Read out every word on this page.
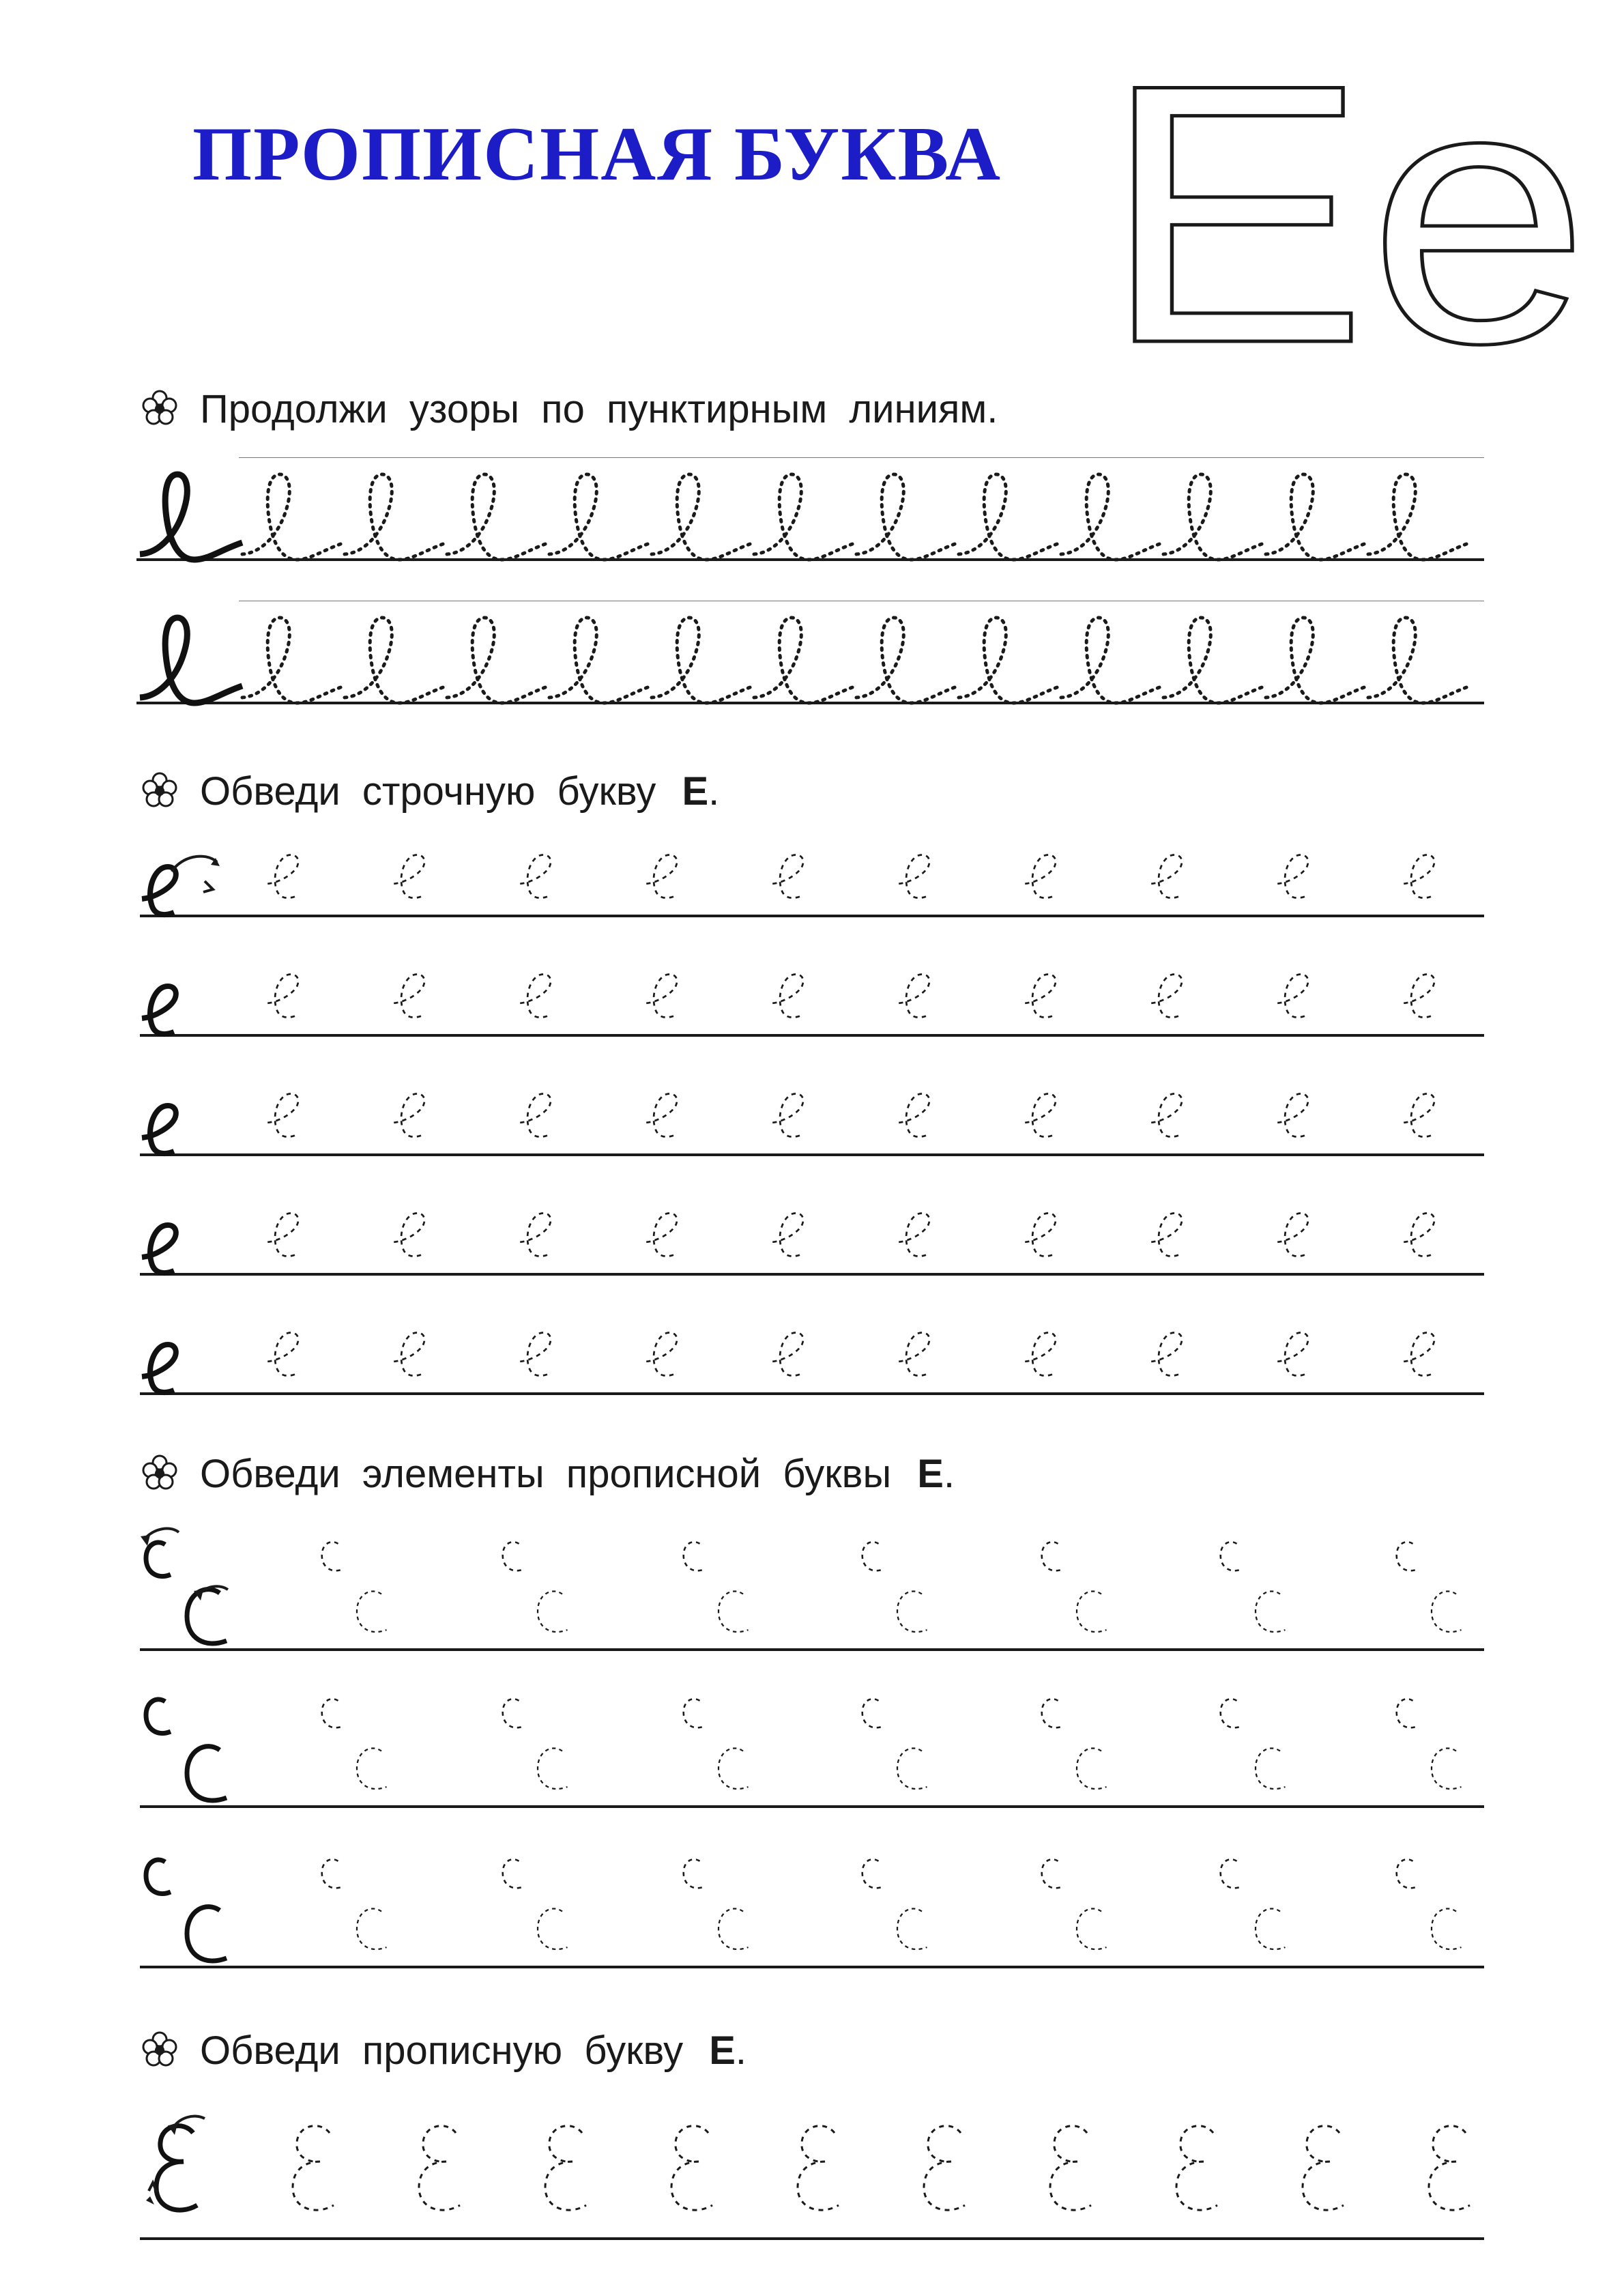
ПРОПИСНАЯ БУКВА Ee

Продолжи узоры по пунктирным линиям.

Обведи строчную букву Е.

Обведи элементы прописной буквы Е.

Обведи прописную букву Е.
